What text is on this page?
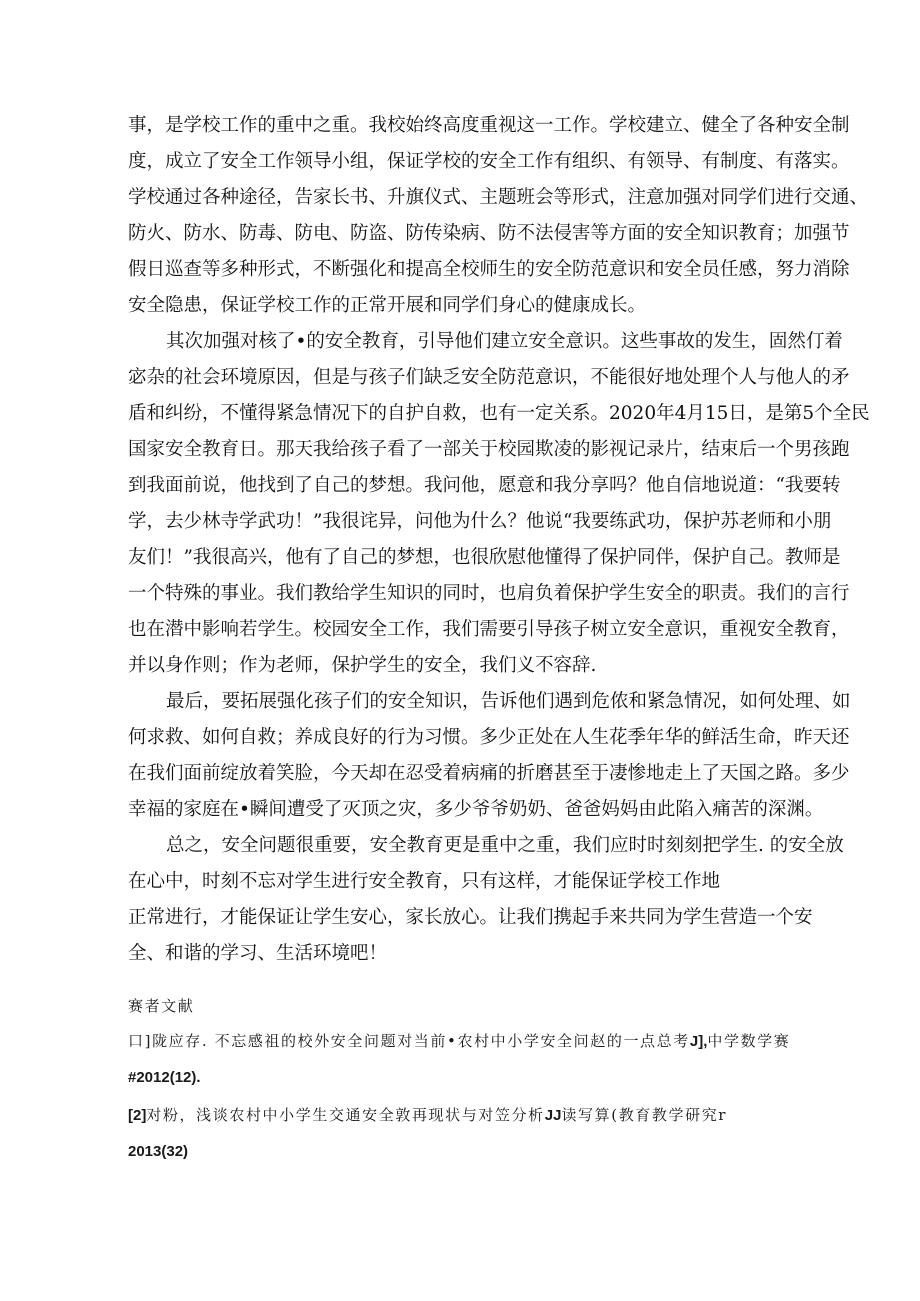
事，是学校工作的重中之重。我校始终高度重视这一工作。学校建立、健全了各种安全制
度，成立了安全工作领导小组，保证学校的安全工作有组织、有领导、有制度、有落实。
学校通过各种途径，告家长书、升旗仪式、主题班会等形式，注意加强对同学们进行交通、
防火、防水、防毒、防电、防盗、防传染病、防不法侵害等方面的安全知识教育；加强节
假日巡查等多种形式，不断强化和提高全校师生的安全防范意识和安全员任感，努力消除
安全隐患，保证学校工作的正常开展和同学们身心的健康成长。
其次加强对核了•的安全教育，引导他们建立安全意识。这些事故的发生，固然仃着
宓杂的社会环境原因，但是与孩子们缺乏安全防范意识，不能很好地处理个人与他人的矛
盾和纠纷，不懂得紧急情况下的自护自救，也有一定关系。2020年4月15日，是第5个全民
国家安全教育日。那天我给孩子看了一部关于校园欺凌的影视记录片，结束后一个男孩跑
到我面前说，他找到了自己的梦想。我问他，愿意和我分享吗？他自信地说道：“我要转
学，去少林寺学武功！”我很诧异，问他为什么？他说“我要练武功，保护苏老师和小朋
友们！”我很高兴，他有了自己的梦想，也很欣慰他懂得了保护同伴，保护自己。教师是
一个特殊的事业。我们教给学生知识的同时，也肩负着保护学生安全的职责。我们的言行
也在潜中影响若学生。校园安全工作，我们需要引导孩子树立安全意识，重视安全教育，
并以身作则；作为老师，保护学生的安全，我们义不容辞.
最后，要拓展强化孩子们的安全知识，告诉他们遇到危侬和紧急情况，如何处理、如
何求救、如何自救；养成良好的行为习惯。多少正处在人生花季年华的鲜活生命，昨天还
在我们面前绽放着笑脸，今天却在忍受着病痛的折磨甚至于凄惨地走上了天国之路。多少
幸福的家庭在•瞬间遭受了灭顶之灾，多少爷爷奶奶、爸爸妈妈由此陷入痛苦的深渊。
总之，安全问题很重要，安全教育更是重中之重，我们应时时刻刻把学生. 的安全放
在心中，时刻不忘对学生进行安全教育，只有这样，才能保证学校工作地
正常进行，才能保证让学生安心，家长放心。让我们携起手来共同为学生营造一个安
全、和谐的学习、生活环境吧！
赛者文献
口]陇应存. 不忘感祖的校外安全问题对当前•农村中小学安全问赵的一点总考J],中学数学赛
#2012(12).
[2]对粉，浅谈农村中小学生交通安全敦再现状与对笠分析JJ读写算(教育教学研究r
2013(32)
